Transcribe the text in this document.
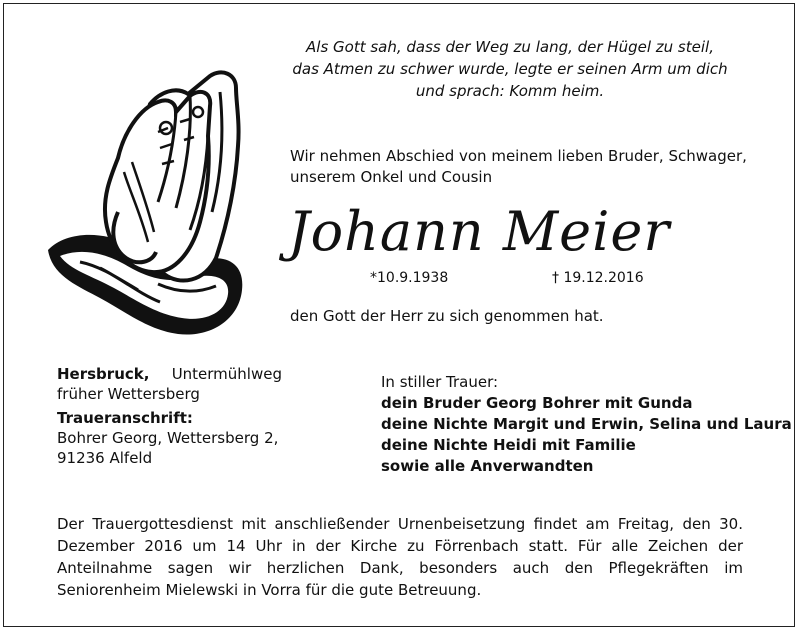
Als Gott sah, dass der Weg zu lang, der Hügel zu steil,
das Atmen zu schwer wurde, legte er seinen Arm um dich
und sprach: Komm heim.
Wir nehmen Abschied von meinem lieben Bruder, Schwager,
unserem Onkel und Cousin
Johann Meier
*10.9.1938	† 19.12.2016
den Gott der Herr zu sich genommen hat.
Hersbruck, Untermühlweg
früher Wettersberg
Traueranschrift:
Bohrer Georg, Wettersberg 2,
91236 Alfeld
In stiller Trauer:
dein Bruder Georg Bohrer mit Gunda
deine Nichte Margit und Erwin, Selina und Laura
deine Nichte Heidi mit Familie
sowie alle Anverwandten
Der Trauergottesdienst mit anschließender Urnenbeisetzung findet am Freitag, den 30. Dezember 2016 um 14 Uhr in der Kirche zu Förrenbach statt. Für alle Zeichen der Anteilnahme sagen wir herzlichen Dank, besonders auch den Pflegekräften im Seniorenheim Mielewski in Vorra für die gute Betreuung.
